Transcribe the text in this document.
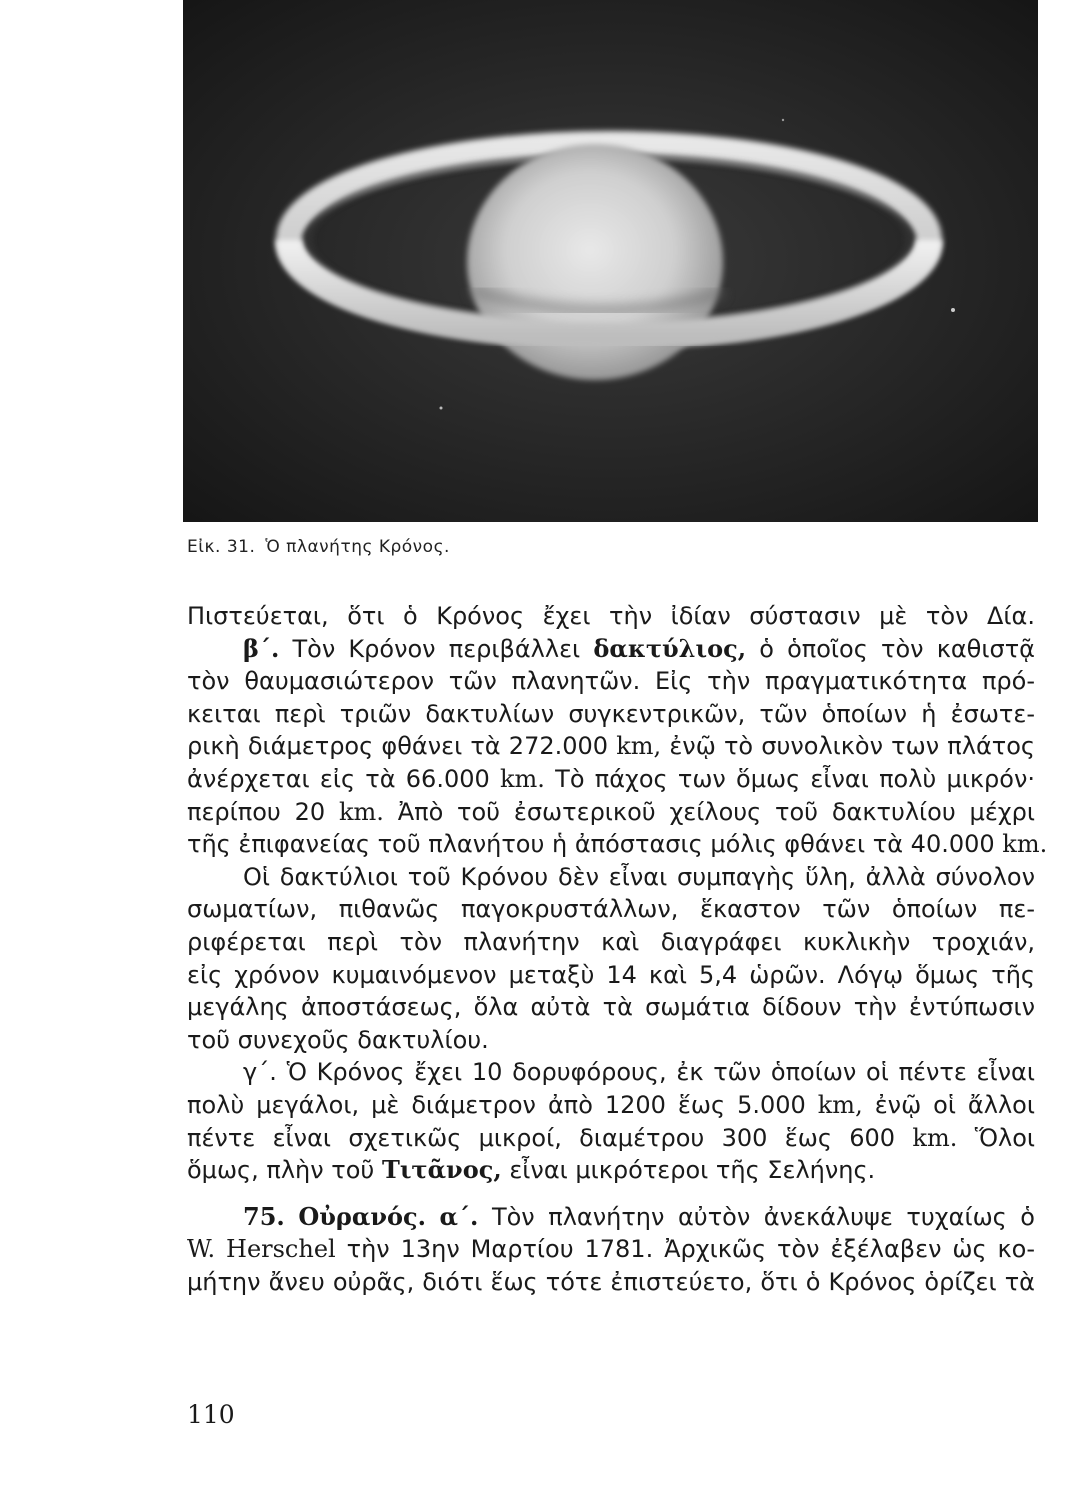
Εἰκ. 31. Ὁ πλανήτης Κρόνος.

Πιστεύεται, ὅτι ὁ Κρόνος ἔχει τὴν ἰδίαν σύστασιν μὲ τὸν Δία.

β΄. Τὸν Κρόνον περιβάλλει δακτύλιος, ὁ ὁποῖος τὸν καθιστᾷ
τὸν θαυμασιώτερον τῶν πλανητῶν. Εἰς τὴν πραγματικότητα πρό-
κειται περὶ τριῶν δακτυλίων συγκεντρικῶν, τῶν ὁποίων ἡ ἐσωτε-
ρικὴ διάμετρος φθάνει τὰ 272.000 km, ἐνῷ τὸ συνολικὸν των πλάτος
ἀνέρχεται εἰς τὰ 66.000 km. Τὸ πάχος των ὅμως εἶναι πολὺ μικρόν·
περίπου 20 km. Ἀπὸ τοῦ ἐσωτερικοῦ χείλους τοῦ δακτυλίου μέχρι
τῆς ἐπιφανείας τοῦ πλανήτου ἡ ἀπόστασις μόλις φθάνει τὰ 40.000 km.

Οἱ δακτύλιοι τοῦ Κρόνου δὲν εἶναι συμπαγὴς ὕλη, ἀλλὰ σύνολον
σωματίων, πιθανῶς παγοκρυστάλλων, ἕκαστον τῶν ὁποίων πε-
ριφέρεται περὶ τὸν πλανήτην καὶ διαγράφει κυκλικὴν τροχιάν,
εἰς χρόνον κυμαινόμενον μεταξὺ 14 καὶ 5,4 ὡρῶν. Λόγῳ ὅμως τῆς
μεγάλης ἀποστάσεως, ὅλα αὐτὰ τὰ σωμάτια δίδουν τὴν ἐντύπωσιν
τοῦ συνεχοῦς δακτυλίου.

γ΄. Ὁ Κρόνος ἔχει 10 δορυφόρους, ἐκ τῶν ὁποίων οἱ πέντε εἶναι
πολὺ μεγάλοι, μὲ διάμετρον ἀπὸ 1200 ἕως 5.000 km, ἐνῷ οἱ ἄλλοι
πέντε εἶναι σχετικῶς μικροί, διαμέτρου 300 ἕως 600 km. Ὅλοι
ὅμως, πλὴν τοῦ Τιτᾶνος, εἶναι μικρότεροι τῆς Σελήνης.

75. Οὐρανός. α΄. Τὸν πλανήτην αὐτὸν ἀνεκάλυψε τυχαίως ὁ
W. Herschel τὴν 13ην Μαρτίου 1781. Ἀρχικῶς τὸν ἐξέλαβεν ὡς κο-
μήτην ἄνευ οὐρᾶς, διότι ἕως τότε ἐπιστεύετο, ὅτι ὁ Κρόνος ὁρίζει τὰ

110
